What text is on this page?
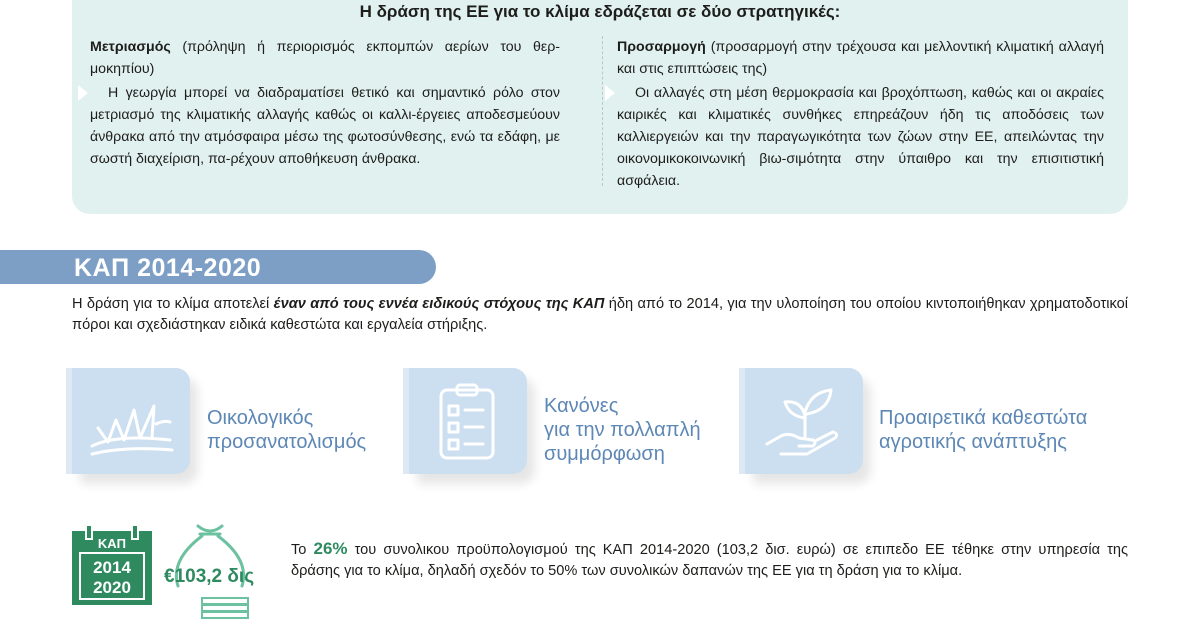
Η δράση της ΕΕ για το κλίμα εδράζεται σε δύο στρατηγικές:
Μετριασμός (πρόληψη ή περιορισμός εκπομπών αερίων του θερ-μοκηπίου)
Η γεωργία μπορεί να διαδραματίσει θετικό και σημαντικό ρόλο στον μετριασμό της κλιματικής αλλαγής καθώς οι καλλι-έργειες αποδεσμεύουν άνθρακα από την ατμόσφαιρα μέσω της φωτοσύνθεσης, ενώ τα εδάφη, με σωστή διαχείριση, πα-ρέχουν αποθήκευση άνθρακα.
Προσαρμογή (προσαρμογή στην τρέχουσα και μελλοντική κλιματική αλλαγή και στις επιπτώσεις της)
Οι αλλαγές στη μέση θερμοκρασία και βροχόπτωση, καθώς και οι ακραίες καιρικές και κλιματικές συνθήκες επηρεάζουν ήδη τις αποδόσεις των καλλιεργειών και την παραγωγικότητα των ζώων στην ΕΕ, απειλώντας την οικονομικοκοινωνική βιω-σιμότητα στην ύπαιθρο και την επισιτιστική ασφάλεια.
ΚΑΠ 2014-2020
Η δράση για το κλίμα αποτελεί έναν από τους εννέα ειδικούς στόχους της ΚΑΠ ήδη από το 2014, για την υλοποίηση του οποίου κιντοποιήθηκαν χρηματοδοτικοί πόροι και σχεδιάστηκαν ειδικά καθεστώτα και εργαλεία στήριξης.
Οικολογικός
προσανατολισμός
Κανόνες
για την πολλαπλή
συμμόρφωση
Προαιρετικά καθεστώτα
αγροτικής ανάπτυξης
ΚΑΠ
2014
2020
€103,2 δις
Το 26% του συνολικου προϋπολογισμού της ΚΑΠ 2014-2020 (103,2 δισ. ευρώ) σε επιπεδο ΕΕ τέθηκε στην υπηρεσία της δράσης για το κλίμα, δηλαδή σχεδόν το 50% των συνολικών δαπανών της ΕΕ για τη δράση για το κλίμα.
